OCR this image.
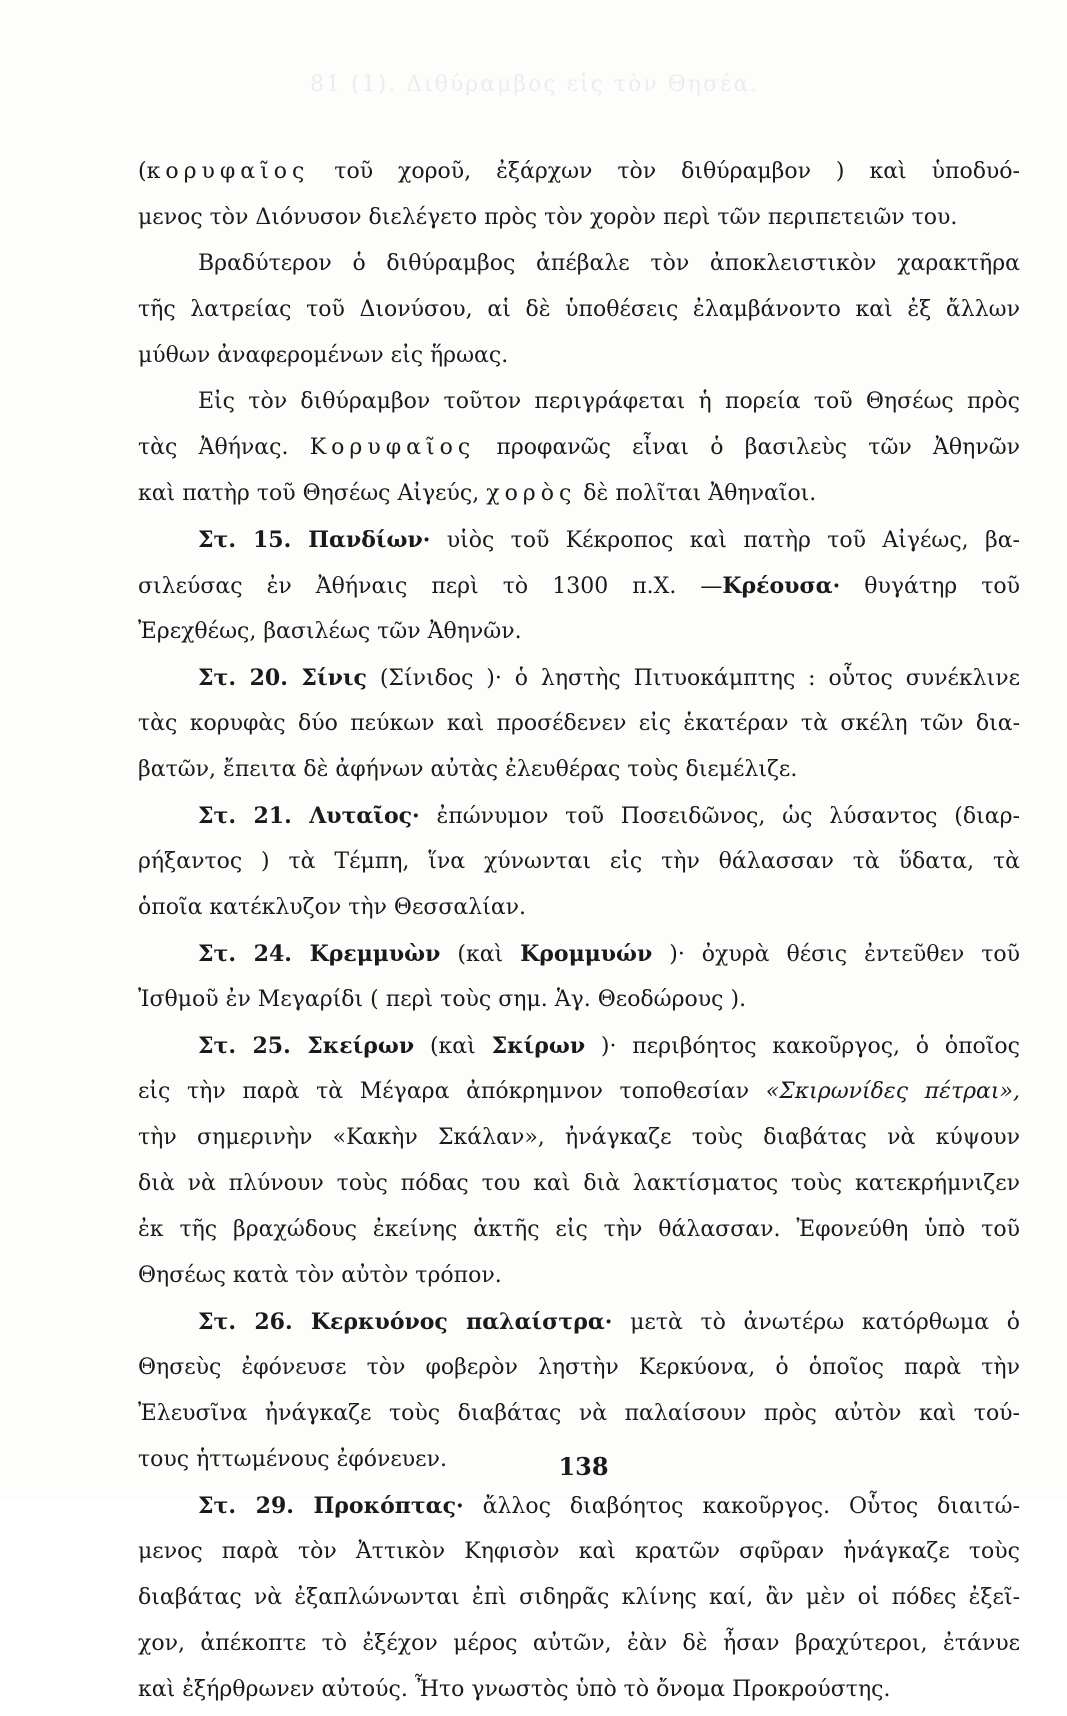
81 (1). Διθύραμβος εἰς τὸν Θησέα.
(κορυφαῖος τοῦ χοροῦ, ἐξάρχων τὸν διθύραμβον ) καὶ ὑποδυό-
μενος τὸν Διόνυσον διελέγετο πρὸς τὸν χορὸν περὶ τῶν περιπετειῶν του.
Βραδύτερον ὁ διθύραμβος ἀπέβαλε τὸν ἀποκλειστικὸν χαρακτῆρα
τῆς λατρείας τοῦ Διονύσου, αἱ δὲ ὑποθέσεις ἐλαμβάνοντο καὶ ἐξ ἄλλων
μύθων ἀναφερομένων εἰς ἥρωας.
Εἰς τὸν διθύραμβον τοῦτον περιγράφεται ἡ πορεία τοῦ Θησέως πρὸς
τὰς Ἀθήνας. Κορυφαῖος προφανῶς εἶναι ὁ βασιλεὺς τῶν Ἀθηνῶν
καὶ πατὴρ τοῦ Θησέως Αἰγεύς, χορὸς δὲ πολῖται Ἀθηναῖοι.
Στ. 15. Πανδίων· υἱὸς τοῦ Κέκροπος καὶ πατὴρ τοῦ Αἰγέως, βα-
σιλεύσας ἐν Ἀθήναις περὶ τὸ 1300 π.Χ. —Κρέουσα· θυγάτηρ τοῦ
Ἐρεχθέως, βασιλέως τῶν Ἀθηνῶν.
Στ. 20. Σίνις (Σίνιδος )· ὁ ληστὴς Πιτυοκάμπτης : οὗτος συνέκλινε
τὰς κορυφὰς δύο πεύκων καὶ προσέδενεν εἰς ἑκατέραν τὰ σκέλη τῶν δια-
βατῶν, ἔπειτα δὲ ἀφήνων αὐτὰς ἐλευθέρας τοὺς διεμέλιζε.
Στ. 21. Λυταῖος· ἐπώνυμον τοῦ Ποσειδῶνος, ὡς λύσαντος (διαρ-
ρήξαντος ) τὰ Τέμπη, ἵνα χύνωνται εἰς τὴν θάλασσαν τὰ ὕδατα, τὰ
ὁποῖα κατέκλυζον τὴν Θεσσαλίαν.
Στ. 24. Κρεμμυὼν (καὶ Κρομμυών )· ὀχυρὰ θέσις ἐντεῦθεν τοῦ
Ἰσθμοῦ ἐν Μεγαρίδι ( περὶ τοὺς σημ. Ἁγ. Θεοδώρους ).
Στ. 25. Σκείρων (καὶ Σκίρων )· περιβόητος κακοῦργος, ὁ ὁποῖος
εἰς τὴν παρὰ τὰ Μέγαρα ἀπόκρημνον τοποθεσίαν «Σκιρωνίδες πέτραι»,
τὴν σημερινὴν «Κακὴν Σκάλαν», ἠνάγκαζε τοὺς διαβάτας νὰ κύψουν
διὰ νὰ πλύνουν τοὺς πόδας του καὶ διὰ λακτίσματος τοὺς κατεκρήμνιζεν
ἐκ τῆς βραχώδους ἐκείνης ἀκτῆς εἰς τὴν θάλασσαν. Ἐφονεύθη ὑπὸ τοῦ
Θησέως κατὰ τὸν αὐτὸν τρόπον.
Στ. 26. Κερκυόνος παλαίστρα· μετὰ τὸ ἀνωτέρω κατόρθωμα ὁ
Θησεὺς ἐφόνευσε τὸν φοβερὸν ληστὴν Κερκύονα, ὁ ὁποῖος παρὰ τὴν
Ἐλευσῖνα ἠνάγκαζε τοὺς διαβάτας νὰ παλαίσουν πρὸς αὐτὸν καὶ τού-
τους ἡττωμένους ἐφόνευεν.
Στ. 29. Προκόπτας· ἄλλος διαβόητος κακοῦργος. Οὗτος διαιτώ-
μενος παρὰ τὸν Ἀττικὸν Κηφισὸν καὶ κρατῶν σφῦραν ἠνάγκαζε τοὺς
διαβάτας νὰ ἐξαπλώνωνται ἐπὶ σιδηρᾶς κλίνης καί, ἂν μὲν οἱ πόδες ἐξεῖ-
χον, ἀπέκοπτε τὸ ἐξέχον μέρος αὐτῶν, ἐὰν δὲ ἦσαν βραχύτεροι, ἐτάνυε
καὶ ἐξήρθρωνεν αὐτούς. Ἦτο γνωστὸς ὑπὸ τὸ ὄνομα Προκρούστης.
138
